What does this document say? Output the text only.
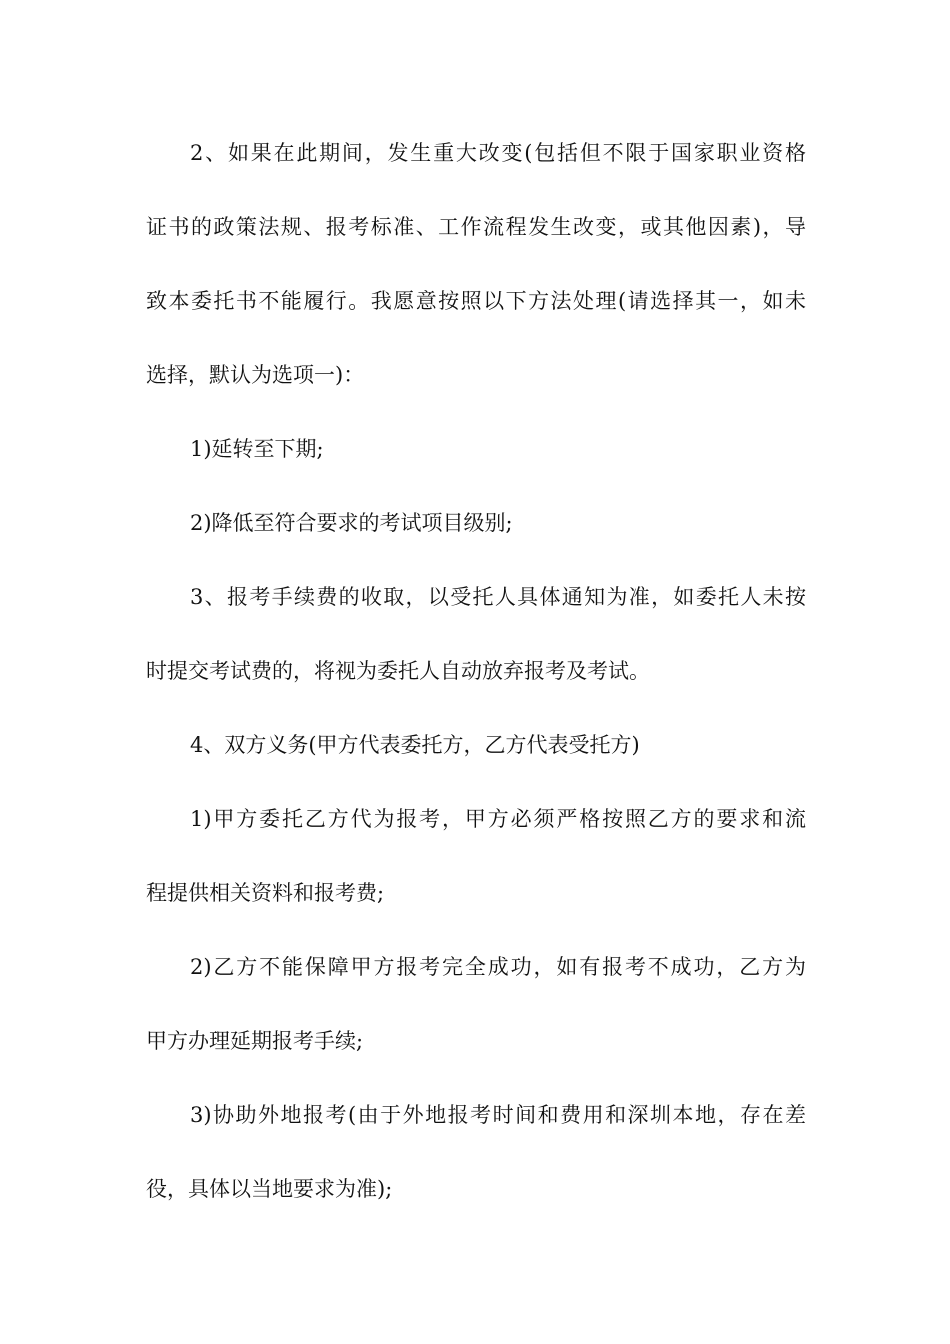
2、如果在此期间，发生重大改变(包括但不限于国家职业资格
证书的政策法规、报考标准、工作流程发生改变，或其他因素)，导
致本委托书不能履行。我愿意按照以下方法处理(请选择其一，如未
选择，默认为选项一)：
1)延转至下期;
2)降低至符合要求的考试项目级别;
3、报考手续费的收取，以受托人具体通知为准，如委托人未按
时提交考试费的，将视为委托人自动放弃报考及考试。
4、双方义务(甲方代表委托方，乙方代表受托方)
1)甲方委托乙方代为报考，甲方必须严格按照乙方的要求和流
程提供相关资料和报考费;
2)乙方不能保障甲方报考完全成功，如有报考不成功，乙方为
甲方办理延期报考手续;
3)协助外地报考(由于外地报考时间和费用和深圳本地，存在差
役，具体以当地要求为准);
